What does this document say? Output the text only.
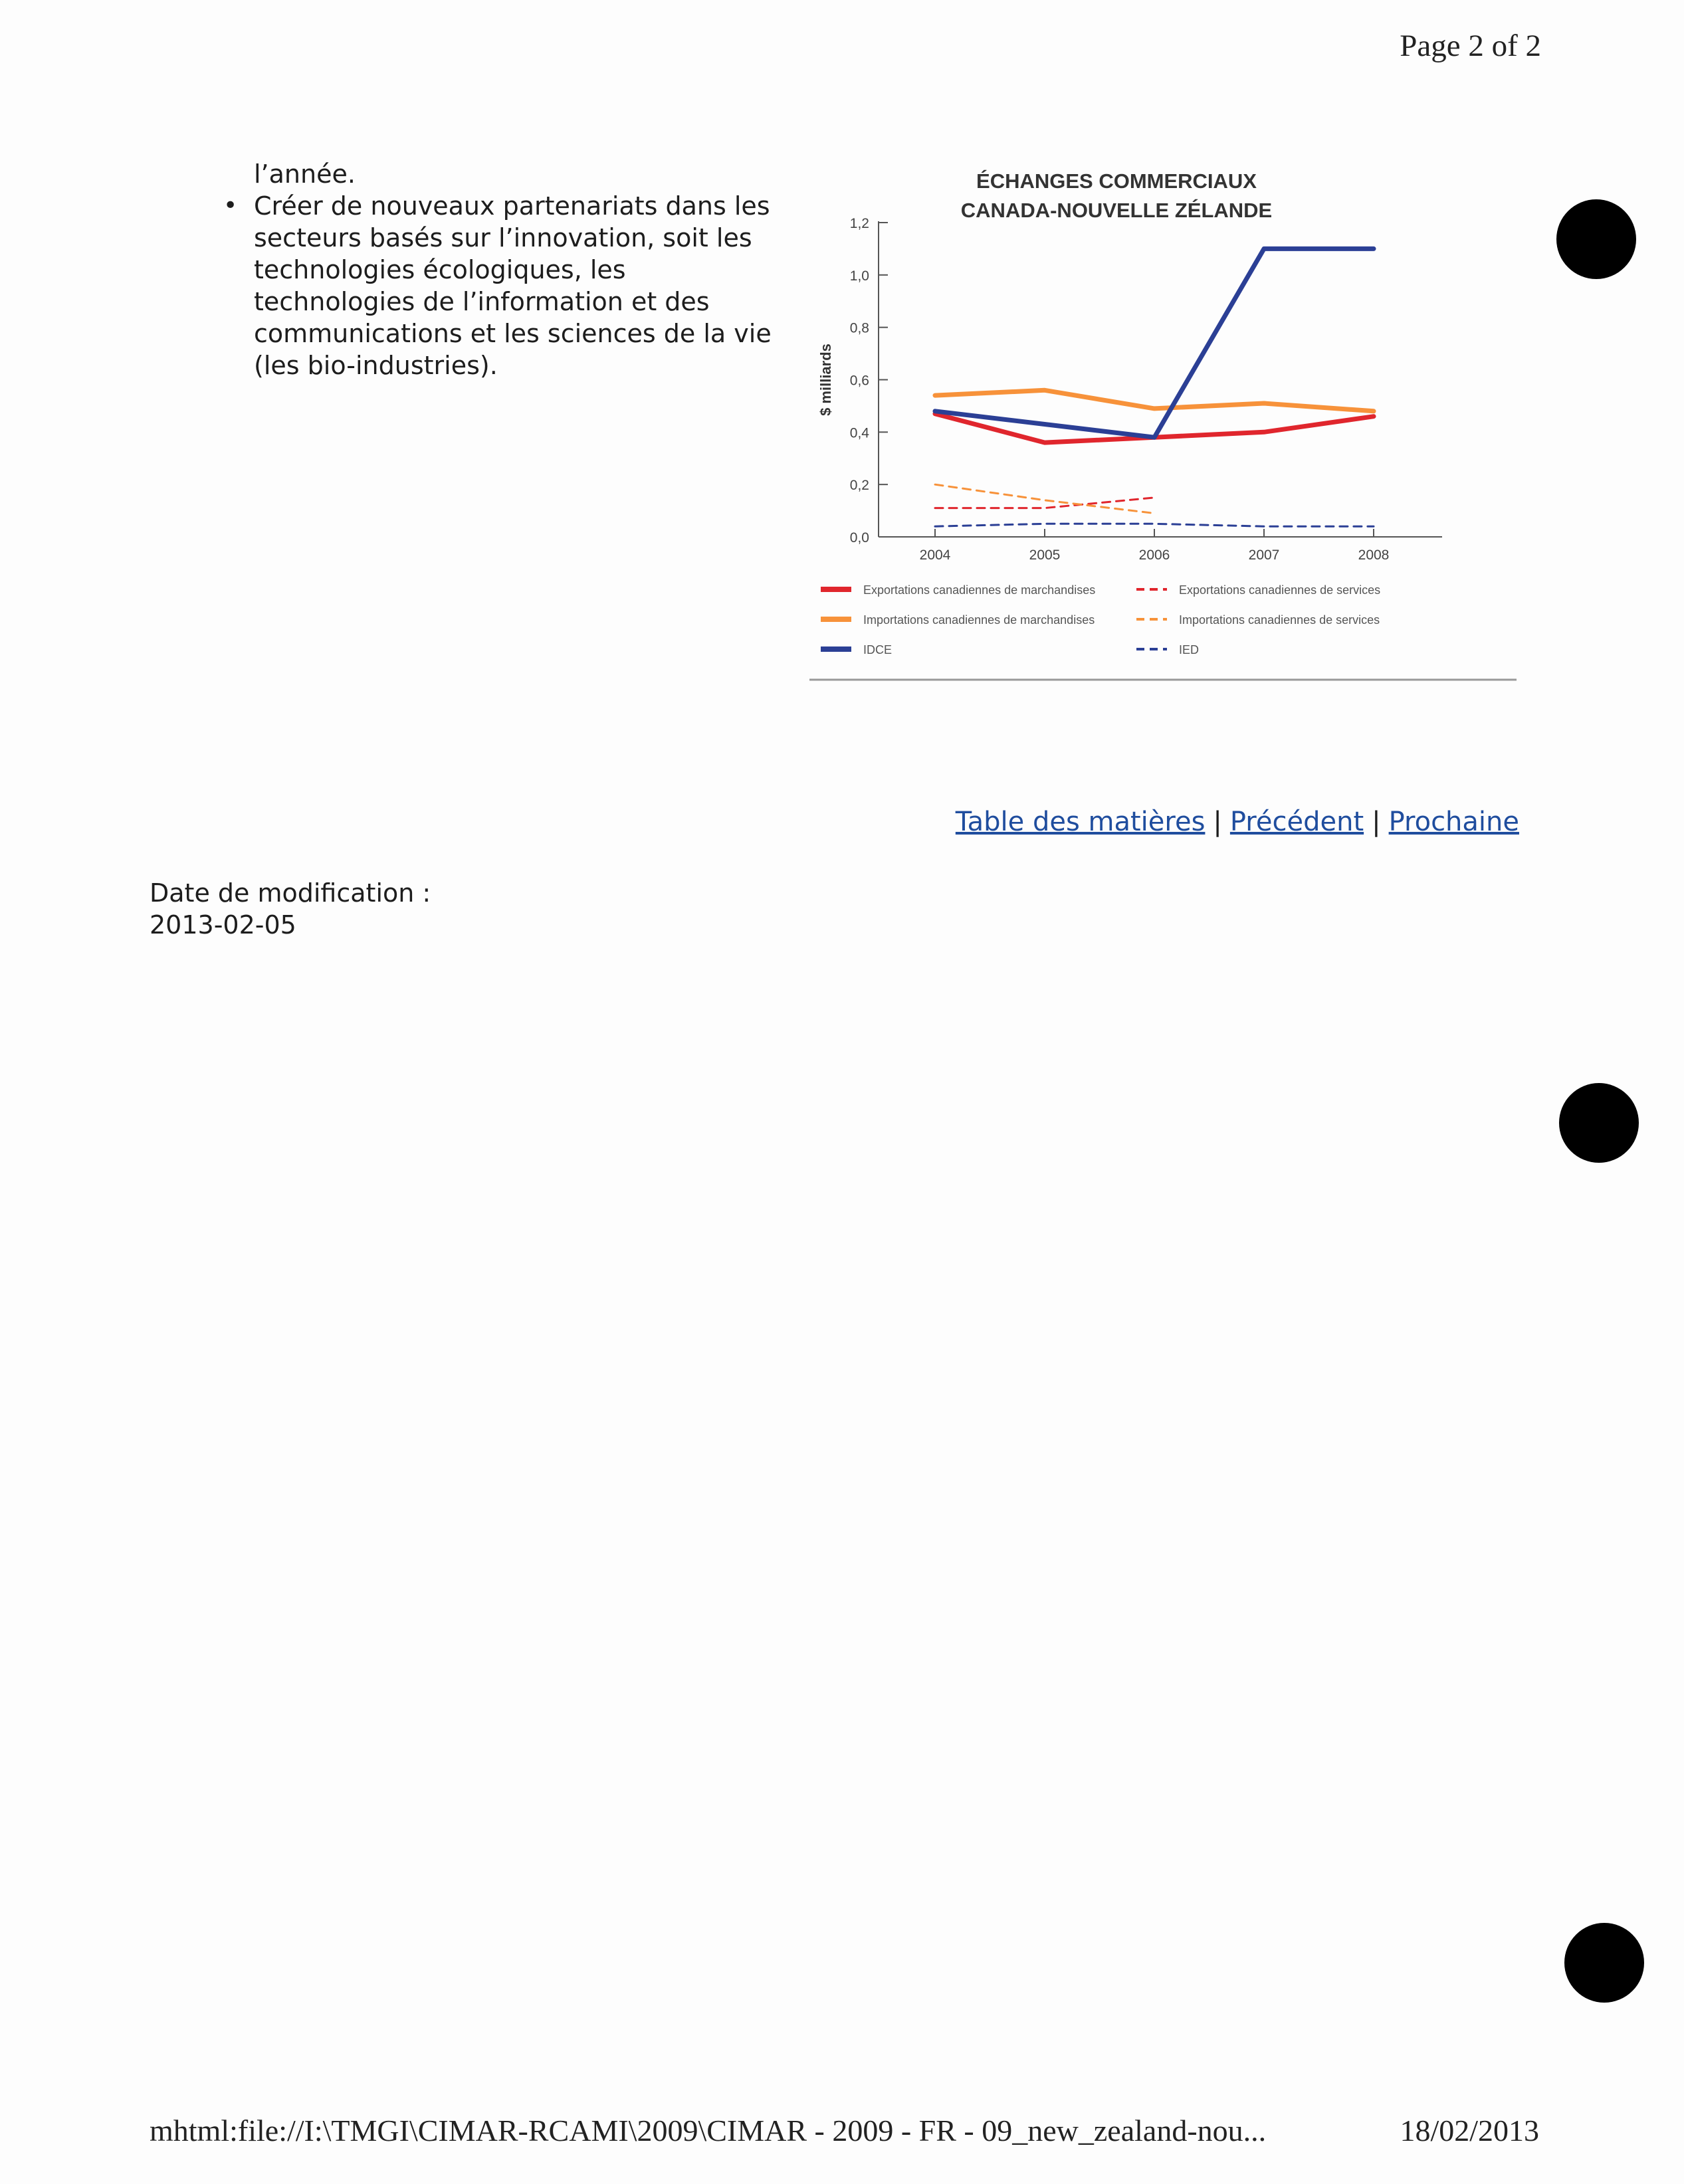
Page 2 of 2

l’année.

• Créer de nouveaux partenariats dans les secteurs basés sur l’innovation, soit les technologies écologiques, les technologies de l’information et des communications et les sciences de la vie (les bio-industries).
ÉCHANGES COMMERCIAUX
CANADA-NOUVELLE ZÉLANDE
$ milliards
0,0
0,2
0,4
0,6
0,8
1,0
1,2
2004	2005	2006	2007	2008
Exportations canadiennes de marchandises
Importations canadiennes de marchandises
IDCE
Exportations canadiennes de services
Importations canadiennes de services
IED
Table des matières | Précédent | Prochaine
Date de modification :
2013-02-05
mhtml:file://I:\TMGI\CIMAR-RCAMI\2009\CIMAR - 2009 - FR - 09_new_zealand-nou...	18/02/2013
